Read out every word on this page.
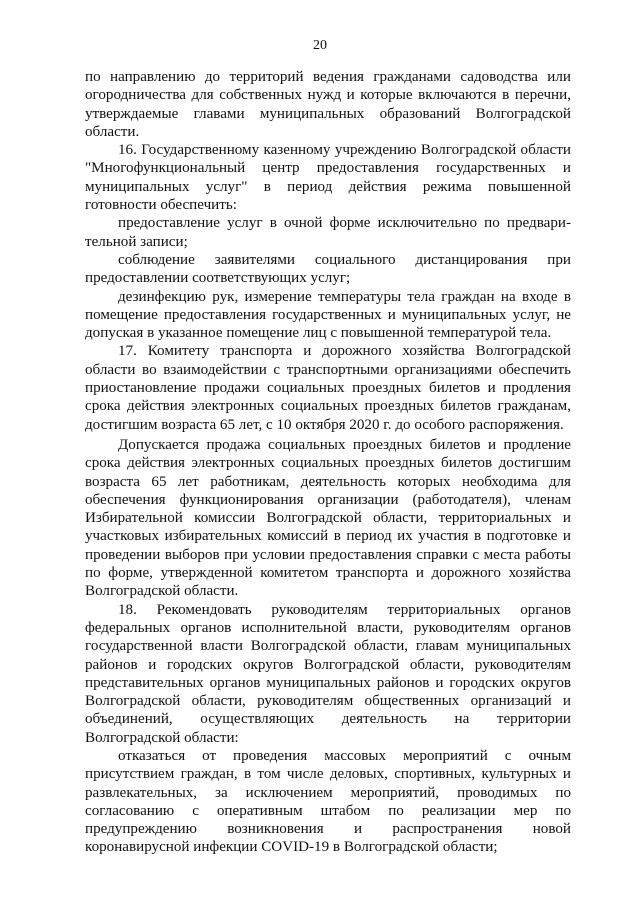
20

по направлению до территорий ведения гражданами садоводства или огородничества для собственных нужд и которые включаются в перечни, утверждаемые главами муниципальных образований Волгоградской области.

16. Государственному казенному учреждению Волгоградской области "Многофункциональный центр предоставления государственных и муниципальных услуг" в период действия режима повышенной готовности обеспечить:

предоставление услуг в очной форме исключительно по предварительной записи;

соблюдение заявителями социального дистанцирования при предоставлении соответствующих услуг;

дезинфекцию рук, измерение температуры тела граждан на входе в помещение предоставления государственных и муниципальных услуг, не допуская в указанное помещение лиц с повышенной температурой тела.

17. Комитету транспорта и дорожного хозяйства Волгоградской области во взаимодействии с транспортными организациями обеспечить приостановление продажи социальных проездных билетов и продления срока действия электронных социальных проездных билетов гражданам, достигшим возраста 65 лет, с 10 октября 2020 г. до особого распоряжения.

Допускается продажа социальных проездных билетов и продление срока действия электронных социальных проездных билетов достигшим возраста 65 лет работникам, деятельность которых необходима для обеспечения функционирования организации (работодателя), членам Избирательной комиссии Волгоградской области, территориальных и участковых избирательных комиссий в период их участия в подготовке и проведении выборов при условии предоставления справки с места работы по форме, утвержденной комитетом транспорта и дорожного хозяйства Волгоградской области.

18. Рекомендовать руководителям территориальных органов федеральных органов исполнительной власти, руководителям органов государственной власти Волгоградской области, главам муниципальных районов и городских округов Волгоградской области, руководителям представительных органов муниципальных районов и городских округов Волгоградской области, руководителям общественных организаций и объединений, осуществляющих деятельность на территории Волгоградской области:

отказаться от проведения массовых мероприятий с очным присутствием граждан, в том числе деловых, спортивных, культурных и развлекательных, за исключением мероприятий, проводимых по согласованию с оперативным штабом по реализации мер по предупреждению возникновения и распространения новой коронавирусной инфекции COVID-19 в Волгоградской области;
